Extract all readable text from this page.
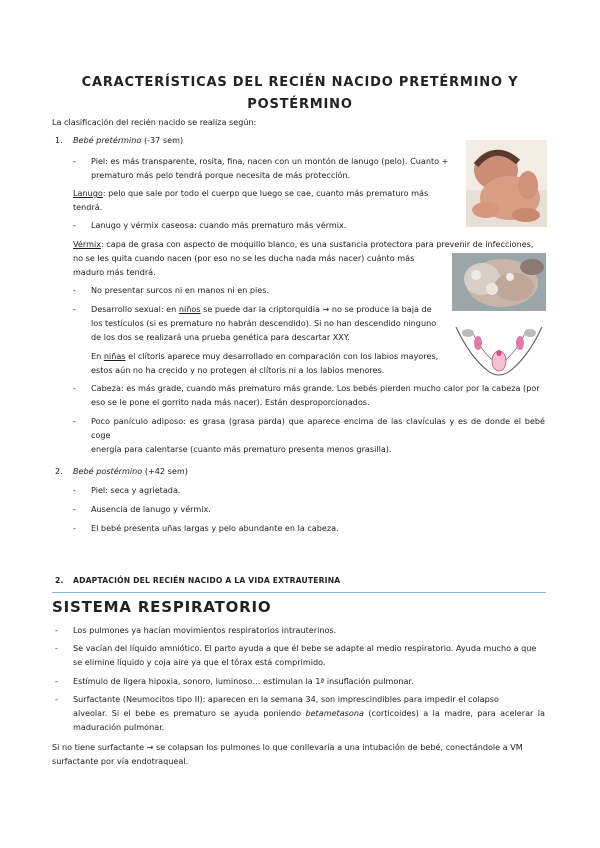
CARACTERÍSTICAS DEL RECIÉN NACIDO PRETÉRMINO Y
POSTÉRMINO
La clasificación del recién nacido se realiza según:
1. Bebé pretérmino (-37 sem)
- Piel: es más transparente, rosita, fina, nacen con un montón de lanugo (pelo). Cuanto +
prematuro más pelo tendrá porque necesita de más protección.
Lanugo: pelo que sale por todo el cuerpo que luego se cae, cuanto más prematuro más
tendrá.
- Lanugo y vérmix caseosa: cuando más prematuro más vérmix.
Vérmix: capa de grasa con aspecto de moquillo blanco, es una sustancia protectora para prevenir de infecciones,
no se les quita cuando nacen (por eso no se les ducha nada más nacer) cuánto más
maduro más tendrá.
- No presentar surcos ni en manos ni en pies.
- Desarrollo sexual: en niños se puede dar la criptorquidia → no se produce la baja de
los testículos (si es prematuro no habrán descendido). Si no han descendido ninguno
de los dos se realizará una prueba genética para descartar XXY.
En niñas el clítoris aparece muy desarrollado en comparación con los labios mayores,
estos aún no ha crecido y no protegen al clítoris ni a los labios menores.
- Cabeza: es más grade, cuando más prematuro más grande. Los bebés pierden mucho calor por la cabeza (por
eso se le pone el gorrito nada más nacer). Están desproporcionados.
- Poco panículo adiposo: es grasa (grasa parda) que aparece encima de las clavículas y es de donde el bebé coge
energía para calentarse (cuanto más prematuro presenta menos grasilla).
2. Bebé postérmino (+42 sem)
- Piel: seca y agrietada.
- Ausencia de lanugo y vérmix.
- El bebé presenta uñas largas y pelo abundante en la cabeza.
2. ADAPTACIÓN DEL RECIÉN NACIDO A LA VIDA EXTRAUTERINA
SISTEMA RESPIRATORIO
- Los pulmones ya hacían movimientos respiratorios intrauterinos.
- Se vacían del líquido amniótico. El parto ayuda a que él bebe se adapte al medio respiratorio. Ayuda mucho a que
se elimine líquido y coja aire ya que el tórax está comprimido.
- Estímulo de ligera hipoxia, sonoro, luminoso… estimulan la 1ª insuflación pulmonar.
- Surfactante (Neumocitos tipo II): aparecen en la semana 34, son imprescindibles para impedir el colapso
alveolar. Si el bebe es prematuro se ayuda poniendo betametasona (corticoides) a la madre, para acelerar la
maduración pulmonar.
Si no tiene surfactante → se colapsan los pulmones lo que conllevaría a una intubación de bebé, conectándole a VM
surfactante por vía endotraqueal.
